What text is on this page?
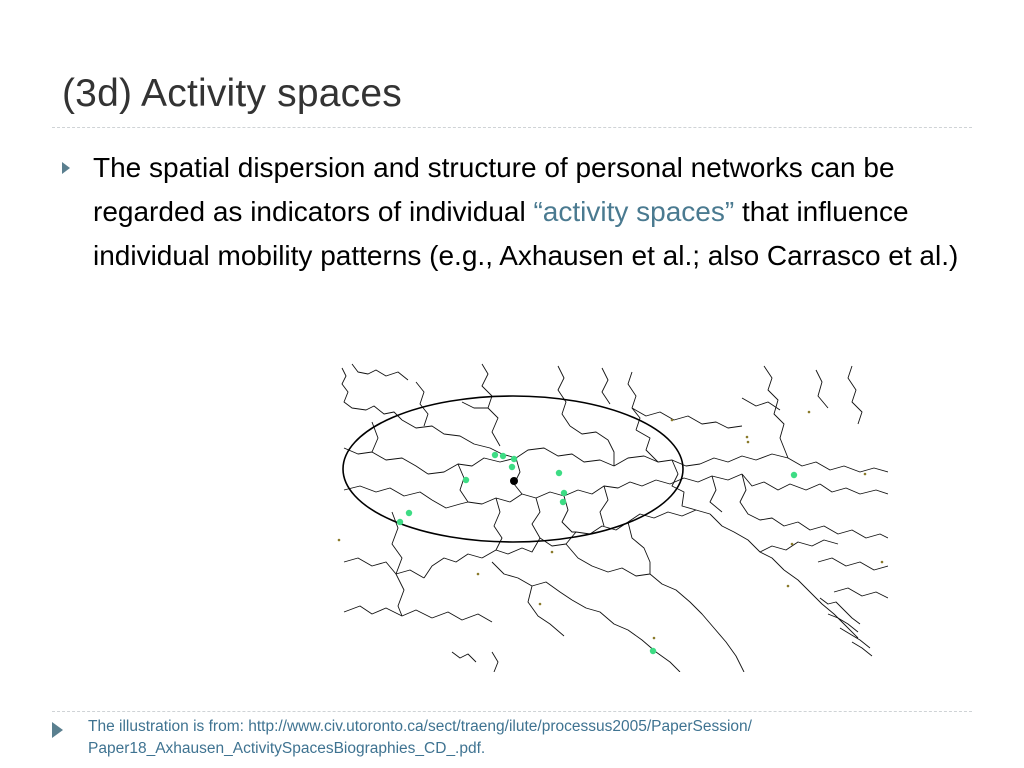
(3d) Activity spaces
The spatial dispersion and structure of personal networks can be regarded as indicators of individual “activity spaces” that influence individual mobility patterns (e.g., Axhausen et al.; also Carrasco et al.)
The illustration is from: http://www.civ.utoronto.ca/sect/traeng/ilute/processus2005/PaperSession/
Paper18_Axhausen_ActivitySpacesBiographies_CD_.pdf.
